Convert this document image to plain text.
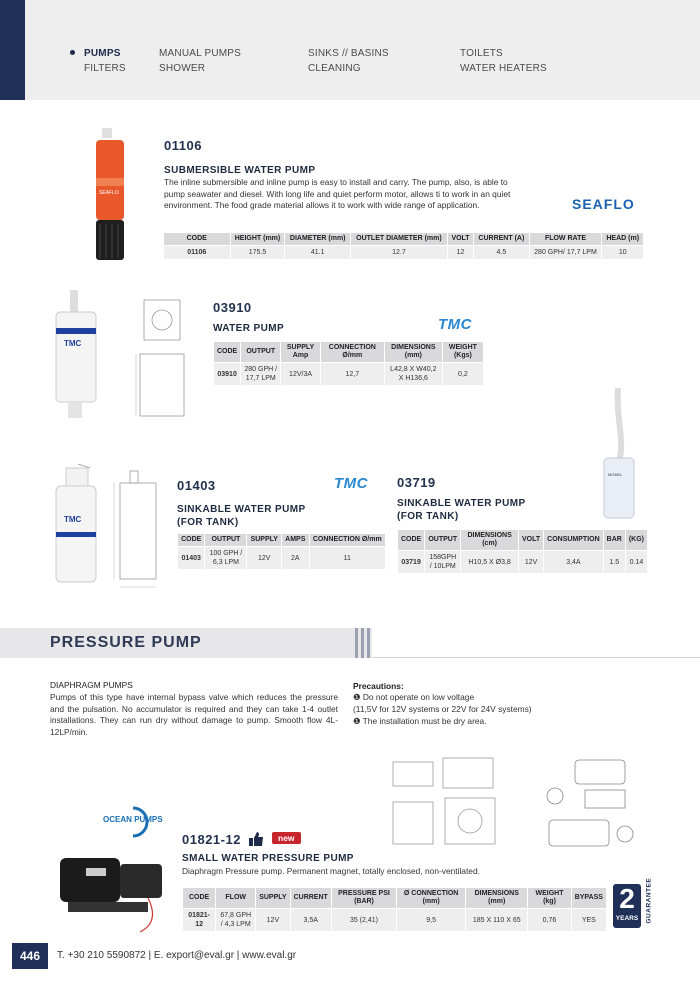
PUMPS
FILTERS
MANUAL PUMPS
SHOWER
SINKS // BASINS
CLEANING
TOILETS
WATER HEATERS
SEAFLO
01106
SUBMERSIBLE WATER PUMP
The inline submersible and inline pump is easy to install and carry. The pump, also, is able to pump seawater and diesel. With long life and quiet perform motor, allows ti to work in an quiet environment. The food grade material allows it to work with wide range of application.	SEAFLO
CODE	HEIGHT (mm)	DIAMETER (mm)	OUTLET DIAMETER (mm)	VOLT	CURRENT (A)	FLOW RATE	HEAD (m)
01106	175.5	41.1	12.7	12	4.5	280 GPH/ 17,7 LPM	10
TMC
03910
WATER PUMP	TMC
CODE	OUTPUT	SUPPLY Amp	CONNECTION Ø/mm	DIMENSIONS (mm)	WEIGHT (Kgs)
03910	280 GPH / 17,7 LPM	12V/3A	12,7	L42,8 X W40,2 X H136,6	0,2
MODEL
TMC
01403
SINKABLE WATER PUMP (FOR TANK)
TMC
CODE	OUTPUT	SUPPLY	AMPS	CONNECTION Ø/mm
01403	100 GPH / 6,3 LPM	12V	2A	11
03719
SINKABLE WATER PUMP (FOR TANK)
CODE	OUTPUT	DIMENSIONS (cm)	VOLT	CONSUMPTION	BAR	(KG)
03719	158GPH / 10LPM	H10,5 X Ø3,8	12V	3,4A	1.5	0.14
PRESSURE PUMP
DIAPHRAGM PUMPS
Pumps of this type have internal bypass valve which reduces the pressure and the pulsation. No accumulator is required and they can take 1-4 outlet installations. They can run dry without damage to pump. Smooth flow 4L-12LP/min.
Precautions:
❶ Do not operate on low voltage
(11,5V for 12V systems or 22V for 24V systems)
❶ The installation must be dry area.
OCEAN PUMPS
01821-12	new
SMALL WATER PRESSURE PUMP
Diaphragm Pressure pump. Permanent magnet, totally enclosed, non-ventilated.
CODE	FLOW	SUPPLY	CURRENT	PRESSURE PSI (BAR)	Ø CONNECTION (mm)	DIMENSIONS (mm)	WEIGHT (kg)	BYPASS
01821-12	67,8 GPH / 4,3 LPM	12V	3,5A	35 (2,41)	9,5	185 X 110 X 65	0,76	YES
2
YEARS GUARANTEE
446	T. +30 210 5590872 | E. export@eval.gr | www.eval.gr
